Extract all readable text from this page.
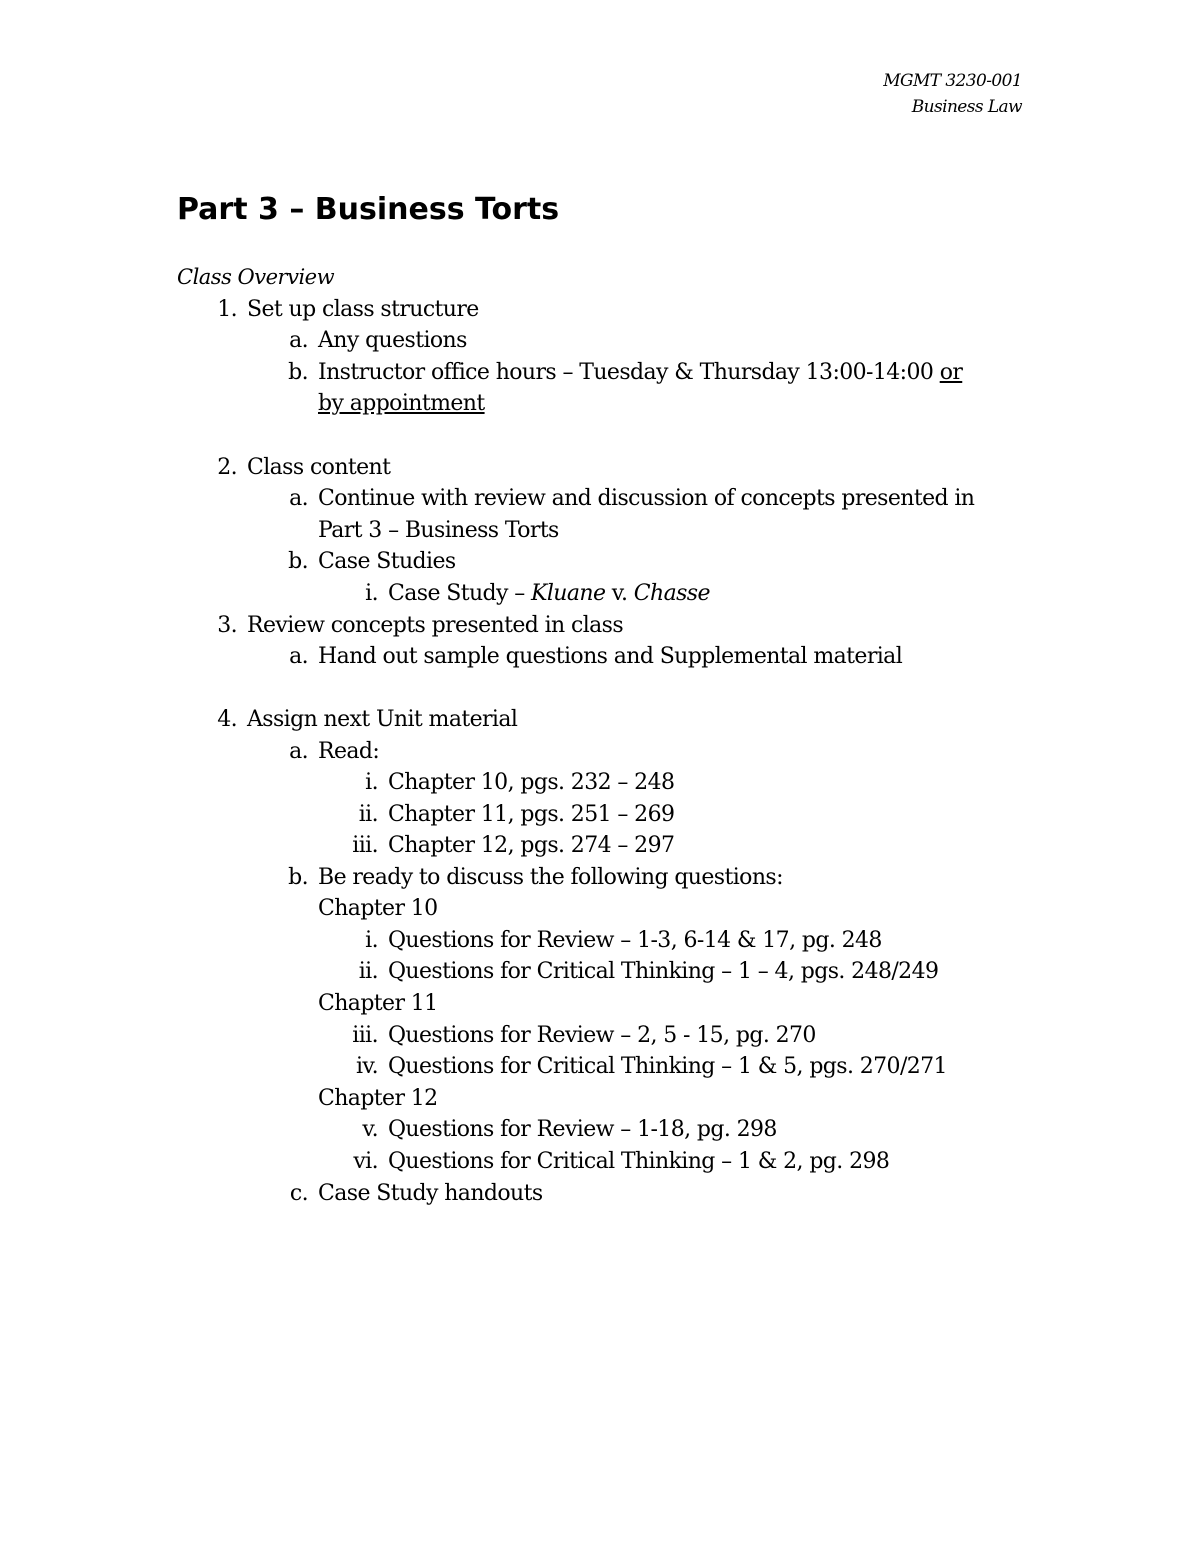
MGMT 3230-001
Business Law
Part 3 – Business Torts
Class Overview
1. Set up class structure
a. Any questions
b. Instructor office hours – Tuesday & Thursday 13:00-14:00 or
by appointment
2. Class content
a. Continue with review and discussion of concepts presented in
Part 3 – Business Torts
b. Case Studies
i. Case Study – Kluane v. Chasse
3. Review concepts presented in class
a. Hand out sample questions and Supplemental material
4. Assign next Unit material
a. Read:
i. Chapter 10, pgs. 232 – 248
ii. Chapter 11, pgs. 251 – 269
iii. Chapter 12, pgs. 274 – 297
b. Be ready to discuss the following questions:
Chapter 10
i. Questions for Review – 1-3, 6-14 & 17, pg. 248
ii. Questions for Critical Thinking – 1 – 4, pgs. 248/249
Chapter 11
iii. Questions for Review – 2, 5 - 15, pg. 270
iv. Questions for Critical Thinking – 1 & 5, pgs. 270/271
Chapter 12
v. Questions for Review – 1-18, pg. 298
vi. Questions for Critical Thinking – 1 & 2, pg. 298
c. Case Study handouts
